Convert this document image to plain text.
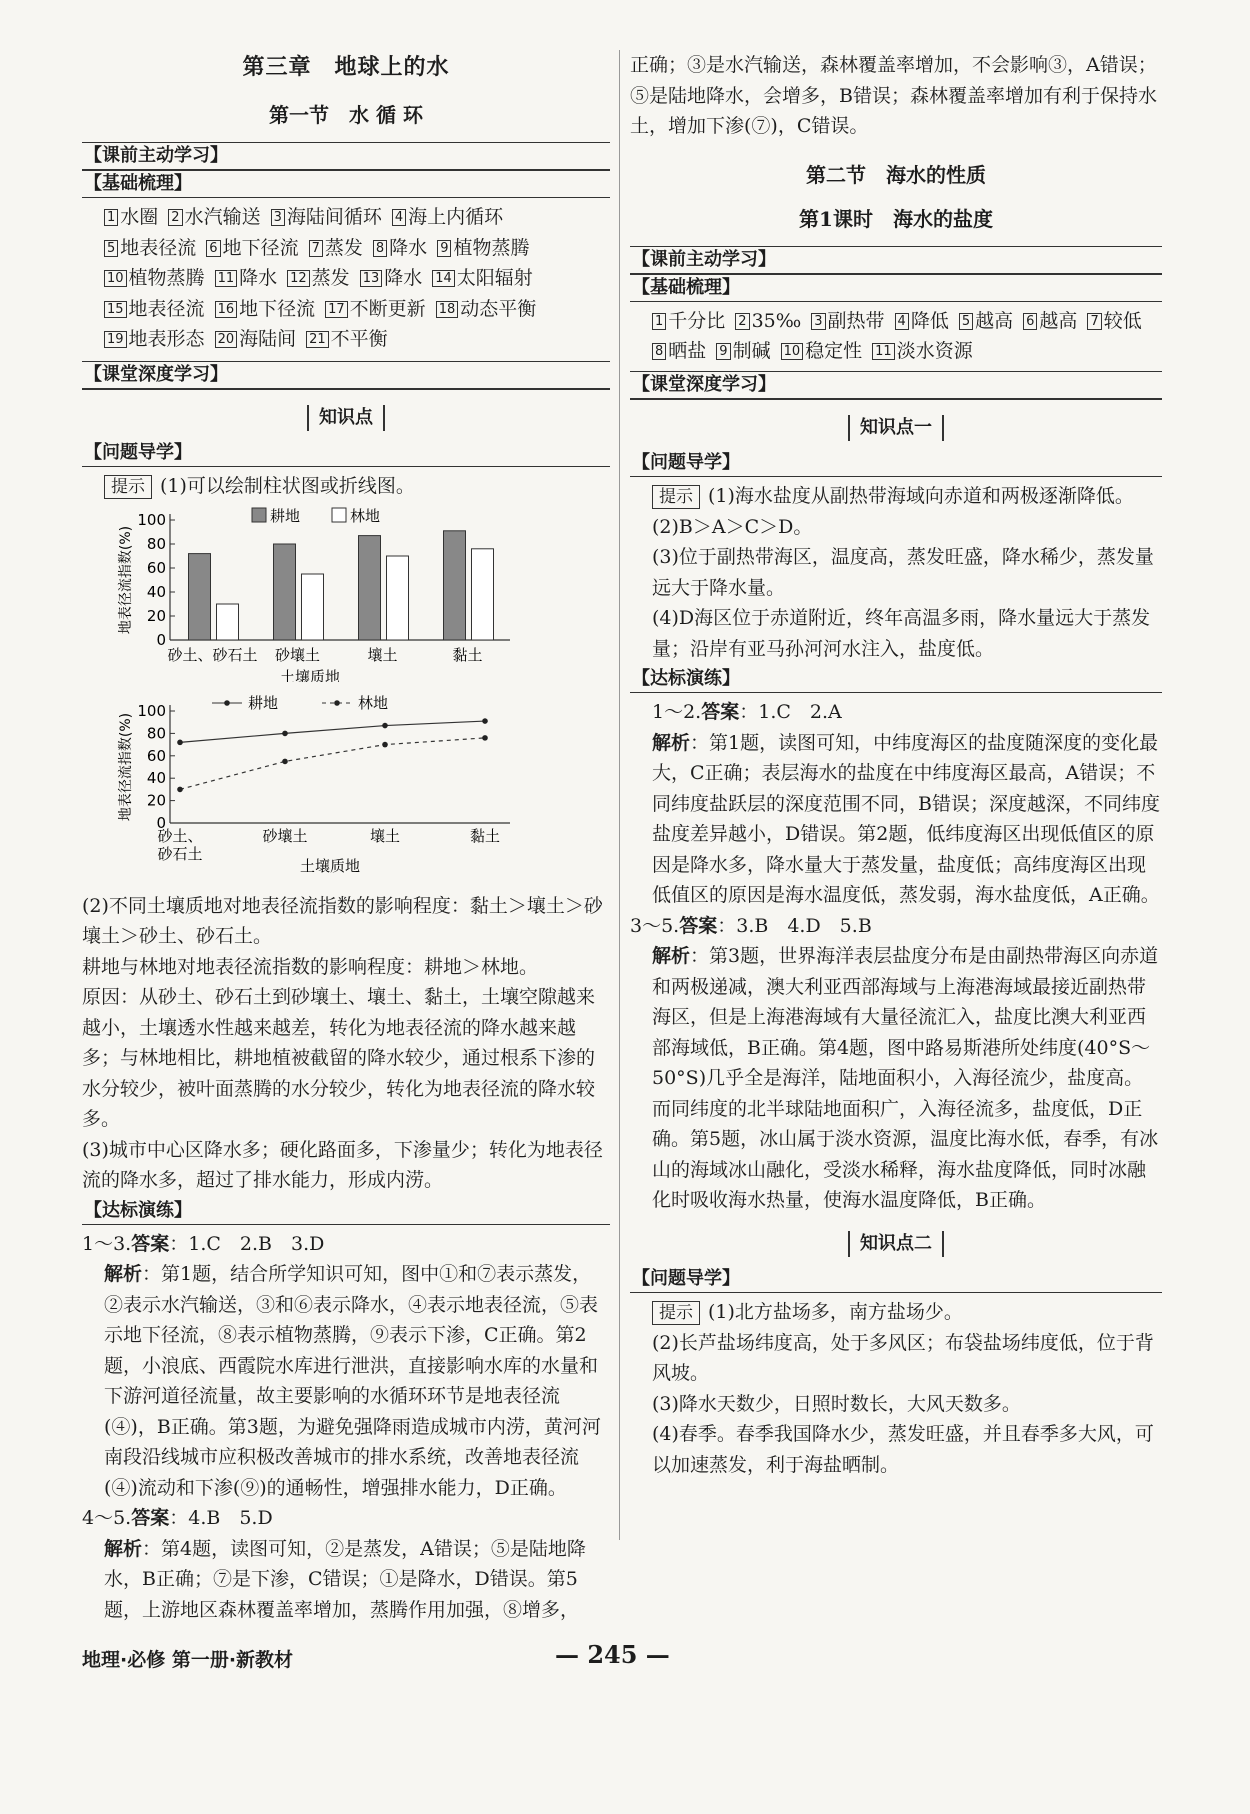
第三章　地球上的水
第一节　水 循 环
【课前主动学习】
【基础梳理】
1 水圈 2 水汽输送 3 海陆间循环 4 海上内循环5 地表径流 6 地下径流 7 蒸发 8 降水 9 植物蒸腾10 植物蒸腾 11 降水 12 蒸发 13 降水 14 太阳辐射15 地表径流 16 地下径流 17 不断更新 18 动态平衡19 地表形态 20 海陆间 21 不平衡
【课堂深度学习】
知识点
【问题导学】

提示 (1)可以绘制柱状图或折线图。

0
20
40
60
80
100
地表径流指数(%)
砂土、砂石土 砂壤土	壤土	黏土
土壤质地
耕地	林地
0
20
40
60
80
100
地表径流指数(%)
砂土、
砂石土
砂壤土	壤土	黏土
土壤质地
耕地	林地

(2)不同土壤质地对地表径流指数的影响程度：黏土＞壤土＞砂壤土＞砂土、砂石土。

耕地与林地对地表径流指数的影响程度：耕地＞林地。

原因：从砂土、砂石土到砂壤土、壤土、黏土，土壤空隙越来越小，土壤透水性越来越差，转化为地表径流的降水越来越多；与林地相比，耕地植被截留的降水较少，通过根系下渗的水分较少，被叶面蒸腾的水分较少，转化为地表径流的降水较多。

(3)城市中心区降水多；硬化路面多，下渗量少；转化为地表径流的降水多，超过了排水能力，形成内涝。

【达标演练】

1～3.答案：1.C　2.B　3.D

解析：第1题，结合所学知识可知，图中①和⑦表示蒸发，②表示水汽输送，③和⑥表示降水，④表示地表径流，⑤表示地下径流，⑧表示植物蒸腾，⑨表示下渗，C正确。第2题，小浪底、西霞院水库进行泄洪，直接影响水库的水量和下游河道径流量，故主要影响的水循环环节是地表径流(④)，B正确。第3题，为避免强降雨造成城市内涝，黄河河南段沿线城市应积极改善城市的排水系统，改善地表径流(④)流动和下渗(⑨)的通畅性，增强排水能力，D正确。

4～5.答案：4.B　5.D

解析：第4题，读图可知，②是蒸发，A错误；⑤是陆地降水，B正确；⑦是下渗，C错误；①是降水，D错误。第5题，上游地区森林覆盖率增加，蒸腾作用加强，⑧增多，

正确；③是水汽输送，森林覆盖率增加，不会影响③，A错误；⑤是陆地降水，会增多，B错误；森林覆盖率增加有利于保持水土，增加下渗(⑦)，C错误。

第二节　海水的性质
第1课时　海水的盐度
【课前主动学习】
【基础梳理】
1 千分比 2 35‰ 3 副热带 4 降低 5 越高 6 越高 7 较低8 晒盐 9 制碱 10 稳定性 11 淡水资源
【课堂深度学习】
知识点一
【问题导学】

提示 (1)海水盐度从副热带海域向赤道和两极逐渐降低。

(2)B＞A＞C＞D。

(3)位于副热带海区，温度高，蒸发旺盛，降水稀少，蒸发量远大于降水量。

(4)D海区位于赤道附近，终年高温多雨，降水量远大于蒸发量；沿岸有亚马孙河河水注入，盐度低。

【达标演练】

1～2.答案：1.C　2.A

解析：第1题，读图可知，中纬度海区的盐度随深度的变化最大，C正确；表层海水的盐度在中纬度海区最高，A错误；不同纬度盐跃层的深度范围不同，B错误；深度越深，不同纬度盐度差异越小，D错误。第2题，低纬度海区出现低值区的原因是降水多，降水量大于蒸发量，盐度低；高纬度海区出现低值区的原因是海水温度低，蒸发弱，海水盐度低，A正确。

3～5.答案：3.B　4.D　5.B

解析：第3题，世界海洋表层盐度分布是由副热带海区向赤道和两极递减，澳大利亚西部海域与上海港海域最接近副热带海区，但是上海港海域有大量径流汇入，盐度比澳大利亚西部海域低，B正确。第4题，图中路易斯港所处纬度(40°S～50°S)几乎全是海洋，陆地面积小，入海径流少，盐度高。而同纬度的北半球陆地面积广，入海径流多，盐度低，D正确。第5题，冰山属于淡水资源，温度比海水低，春季，有冰山的海域冰山融化，受淡水稀释，海水盐度降低，同时冰融化时吸收海水热量，使海水温度降低，B正确。

知识点二
【问题导学】

提示 (1)北方盐场多，南方盐场少。

(2)长芦盐场纬度高，处于多风区；布袋盐场纬度低，位于背风坡。

(3)降水天数少，日照时数长，大风天数多。

(4)春季。春季我国降水少，蒸发旺盛，并且春季多大风，可以加速蒸发，利于海盐晒制。

地理·必修 第一册·新教材	— 245 —
